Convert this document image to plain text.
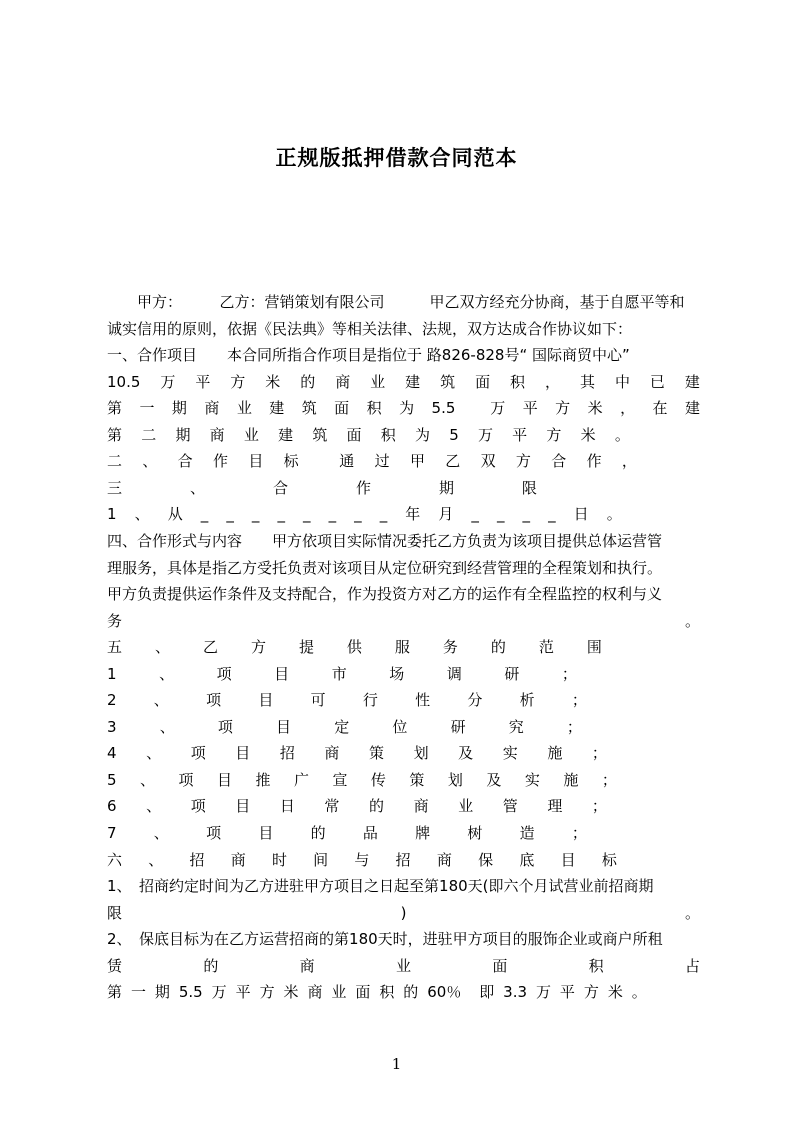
正规版抵押借款合同范本
　　甲方：　　　乙方：营销策划有限公司　　　甲乙双方经充分协商，基于自愿平等和
诚实信用的原则，依据《民法典》等相关法律、法规，双方达成合作协议如下：
一、合作项目　　本合同所指合作项目是指位于 路826-828号“ 国际商贸中心”
10.5 万 平 方 米 的 商 业 建 筑 面 积 ， 其 中 已 建
第 一 期 商 业 建 筑 面 积 为 5.5 万 平 方 米 ， 在 建
第 二 期 商 业 建 筑 面 积 为 5 万 平 方 米 。
二 、 合 作 目 标	通 过 甲 乙 双 方 合 作 ，
三	、	合	作	期	限
1 、 从 _ _ _ _ _ _ _ _ 年 月 _ _ _ _ 日 。
四、合作形式与内容　　甲方依项目实际情况委托乙方负责为该项目提供总体运营管
理服务，具体是指乙方受托负责对该项目从定位研究到经营管理的全程策划和执行。
甲方负责提供运作条件及支持配合，作为投资方对乙方的运作有全程监控的权利与义
务	。
五 、 乙 方 提 供 服 务 的 范 围
1	、	项	目	市	场	调	研	；
2 、 项 目 可 行 性 分 析 ；
3	、	项	目	定	位	研	究	；
4 、 项 目 招 商 策 划 及 实 施 ；
5 、 项 目 推 广 宣 传 策 划 及 实 施 ；
6 、 项 目 日 常 的 商 业 管 理 ；
7 、 项 目 的 品 牌 树 造 ；
六 、 招 商 时 间 与 招 商 保 底 目 标
1、　招商约定时间为乙方进驻甲方项目之日起至第180天(即六个月试营业前招商期
限	)	。
2、　保底目标为在乙方运营招商的第180天时，进驻甲方项目的服饰企业或商户所租
赁	的	商	业	面	积	占
第 一 期 5.5 万 平 方 米 商 业 面 积 的 60％ 即 3.3 万 平 方 米 。
1
